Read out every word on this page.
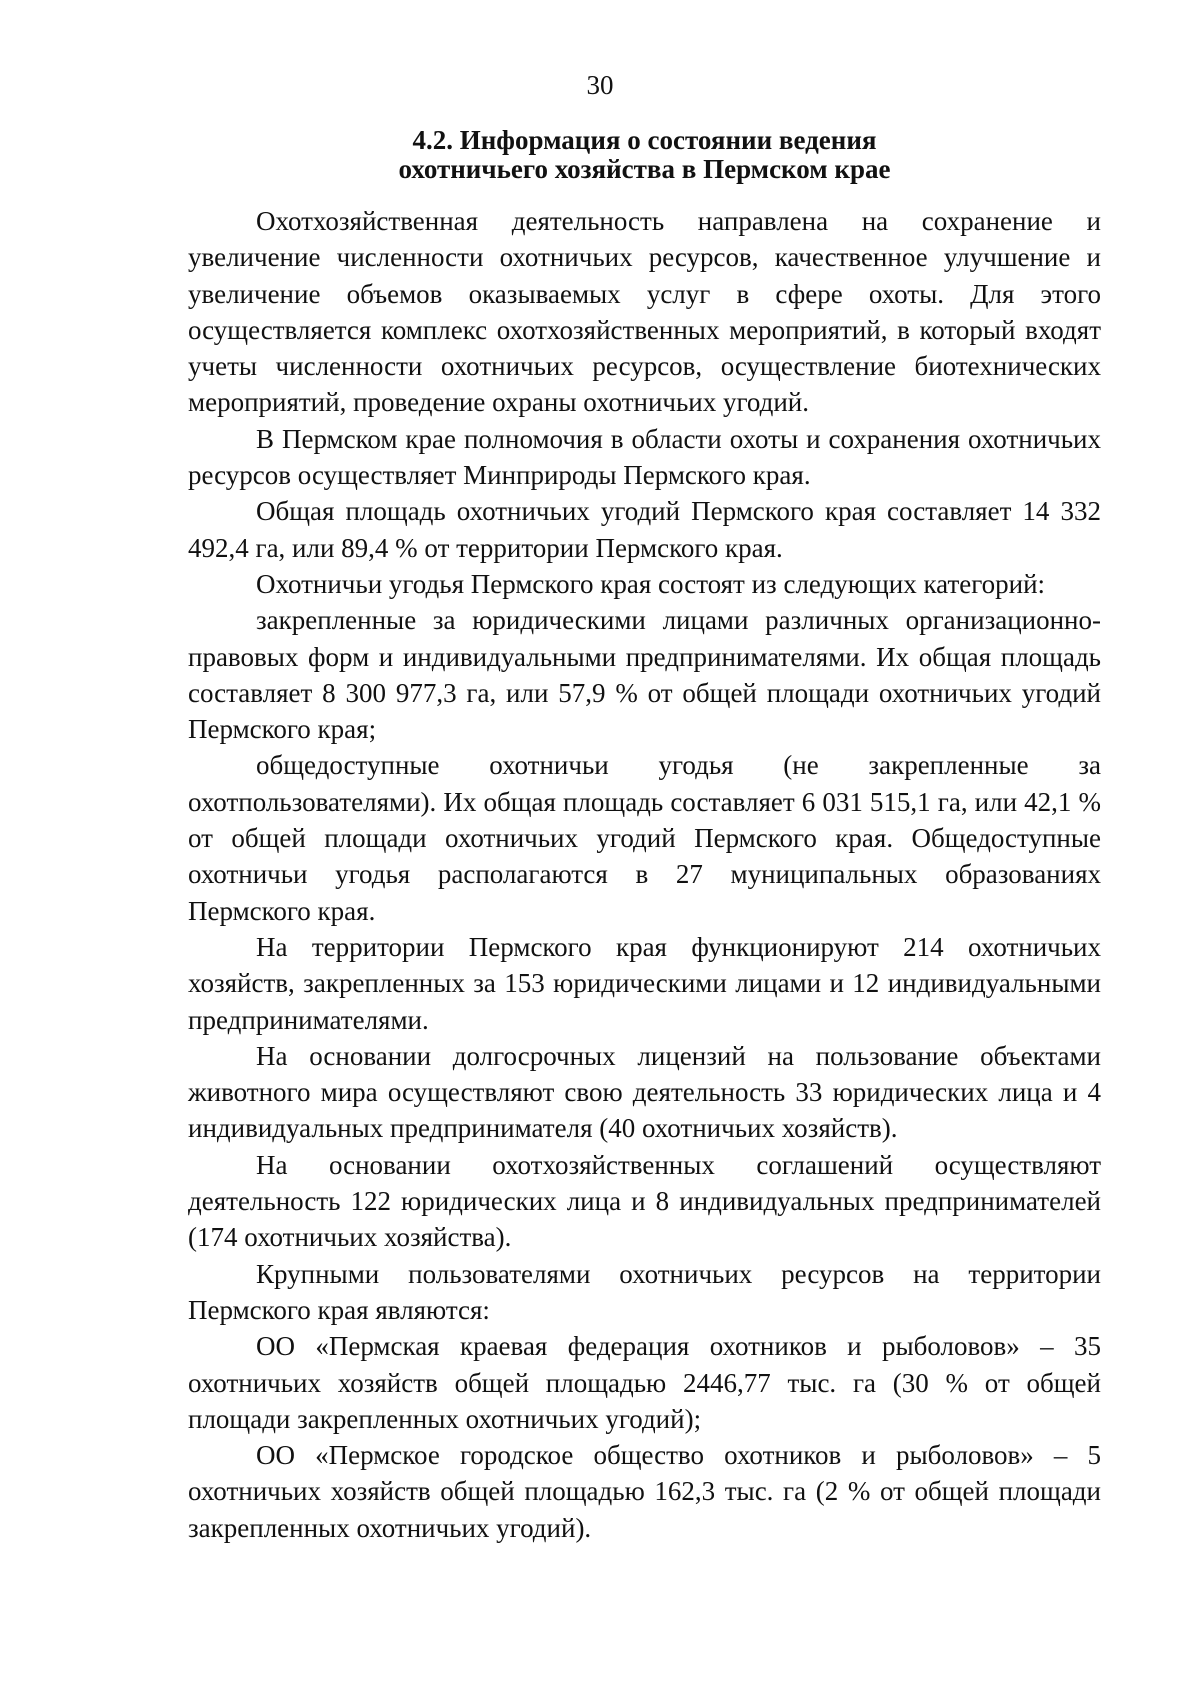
30
4.2. Информация о состоянии ведения
охотничьего хозяйства в Пермском крае

Охотхозяйственная деятельность направлена на сохранение и увеличение численности охотничьих ресурсов, качественное улучшение и увеличение объемов оказываемых услуг в сфере охоты. Для этого осуществляется комплекс охотхозяйственных мероприятий, в который входят учеты численности охотничьих ресурсов, осуществление биотехнических мероприятий, проведение охраны охотничьих угодий.

В Пермском крае полномочия в области охоты и сохранения охотничьих ресурсов осуществляет Минприроды Пермского края.

Общая площадь охотничьих угодий Пермского края составляет 14 332 492,4 га, или 89,4 % от территории Пермского края.

Охотничьи угодья Пермского края состоят из следующих категорий:

закрепленные за юридическими лицами различных организационно-правовых форм и индивидуальными предпринимателями. Их общая площадь составляет 8 300 977,3 га, или 57,9 % от общей площади охотничьих угодий Пермского края;

общедоступные охотничьи угодья (не закрепленные за охотпользователями). Их общая площадь составляет 6 031 515,1 га, или 42,1 % от общей площади охотничьих угодий Пермского края. Общедоступные охотничьи угодья располагаются в 27 муниципальных образованиях Пермского края.

На территории Пермского края функционируют 214 охотничьих хозяйств, закрепленных за 153 юридическими лицами и 12 индивидуальными предпринимателями.

На основании долгосрочных лицензий на пользование объектами животного мира осуществляют свою деятельность 33 юридических лица и 4 индивидуальных предпринимателя (40 охотничьих хозяйств).

На основании охотхозяйственных соглашений осуществляют деятельность 122 юридических лица и 8 индивидуальных предпринимателей (174 охотничьих хозяйства).

Крупными пользователями охотничьих ресурсов на территории Пермского края являются:

ОО «Пермская краевая федерация охотников и рыболовов» – 35 охотничьих хозяйств общей площадью 2446,77 тыс. га (30 % от общей площади закрепленных охотничьих угодий);

ОО «Пермское городское общество охотников и рыболовов» – 5 охотничьих хозяйств общей площадью 162,3 тыс. га (2 % от общей площади закрепленных охотничьих угодий).
